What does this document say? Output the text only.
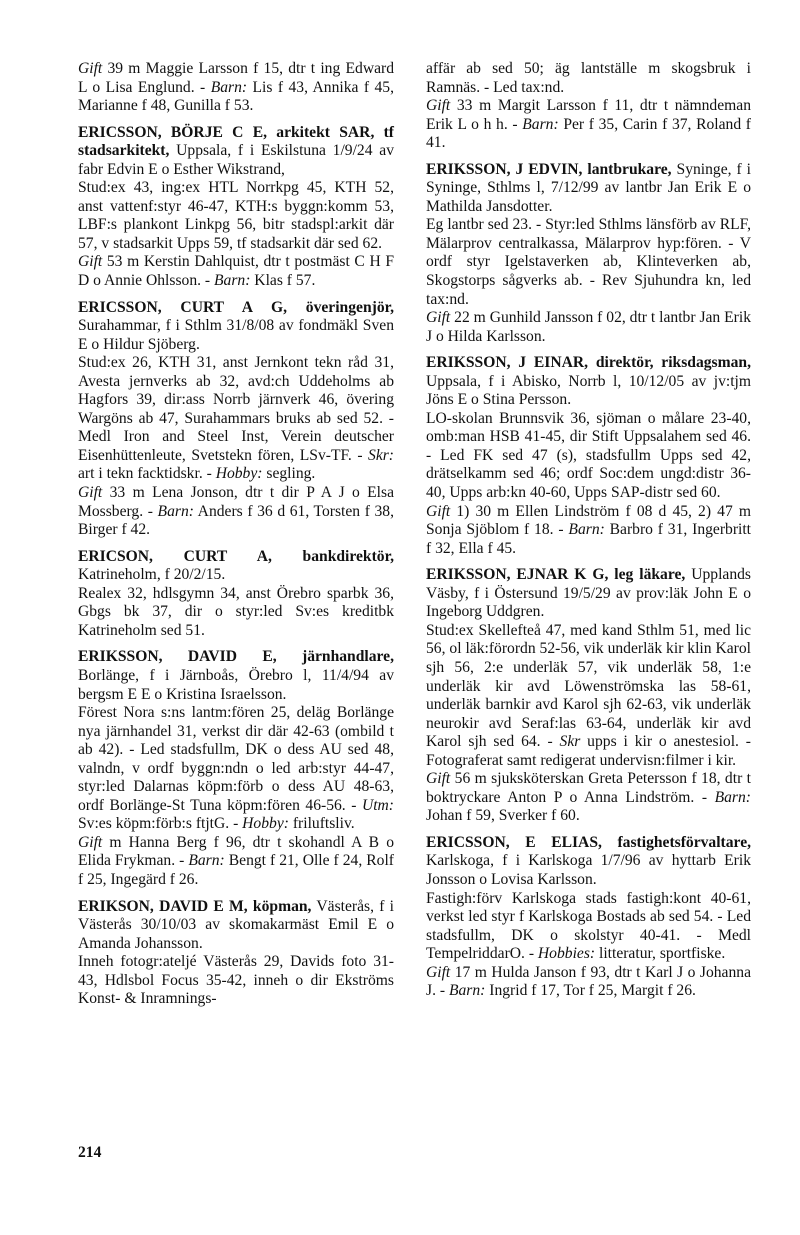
Gift 39 m Maggie Larsson f 15, dtr t ing Edward L o Lisa Englund. - Barn: Lis f 43, Annika f 45, Marianne f 48, Gunilla f 53.

ERICSSON, BÖRJE C E, arkitekt SAR, tf stadsarkitekt, Uppsala, f i Eskilstuna 1/9/24 av fabr Edvin E o Esther Wikstrand,

Stud:ex 43, ing:ex HTL Norrkpg 45, KTH 52, anst vattenf:styr 46-47, KTH:s byggn:komm 53, LBF:s plankont Linkpg 56, bitr stadspl:arkit där 57, v stadsarkit Upps 59, tf stadsarkit där sed 62.

Gift 53 m Kerstin Dahlquist, dtr t postmäst C H F D o Annie Ohlsson. - Barn: Klas f 57.

ERICSSON, CURT A G, överingenjör, Surahammar, f i Sthlm 31/8/08 av fondmäkl Sven E o Hildur Sjöberg.

Stud:ex 26, KTH 31, anst Jernkont tekn råd 31, Avesta jernverks ab 32, avd:ch Uddeholms ab Hagfors 39, dir:ass Norrb järnverk 46, övering Wargöns ab 47, Surahammars bruks ab sed 52. - Medl Iron and Steel Inst, Verein deutscher Eisenhüttenleute, Svetstekn fören, LSv-TF. - Skr: art i tekn facktidskr. - Hobby: segling.

Gift 33 m Lena Jonson, dtr t dir P A J o Elsa Mossberg. - Barn: Anders f 36 d 61, Torsten f 38, Birger f 42.

ERICSON, CURT A, bankdirektör, Katrineholm, f 20/2/15.

Realex 32, hdlsgymn 34, anst Örebro sparbk 36, Gbgs bk 37, dir o styr:led Sv:es kreditbk Katrineholm sed 51.

ERIKSSON, DAVID E, järnhandlare, Borlänge, f i Järnboås, Örebro l, 11/4/94 av bergsm E E o Kristina Israelsson.

Förest Nora s:ns lantm:fören 25, deläg Borlänge nya järnhandel 31, verkst dir där 42-63 (ombild t ab 42). - Led stadsfullm, DK o dess AU sed 48, valndn, v ordf byggn:ndn o led arb:styr 44-47, styr:led Dalarnas köpm:förb o dess AU 48-63, ordf Borlänge-St Tuna köpm:fören 46-56. - Utm: Sv:es köpm:förb:s ftjtG. - Hobby: friluftsliv.

Gift m Hanna Berg f 96, dtr t skohandl A B o Elida Frykman. - Barn: Bengt f 21, Olle f 24, Rolf f 25, Ingegärd f 26.

ERIKSON, DAVID E M, köpman, Västerås, f i Västerås 30/10/03 av skomakarmäst Emil E o Amanda Johansson.

Inneh fotogr:ateljé Västerås 29, Davids foto 31-43, Hdlsbol Focus 35-42, inneh o dir Ekströms Konst- & Inramnings-

affär ab sed 50; äg lantställe m skogsbruk i Ramnäs. - Led tax:nd.

Gift 33 m Margit Larsson f 11, dtr t nämndeman Erik L o h h. - Barn: Per f 35, Carin f 37, Roland f 41.

ERIKSSON, J EDVIN, lantbrukare, Syninge, f i Syninge, Sthlms l, 7/12/99 av lantbr Jan Erik E o Mathilda Jansdotter.

Eg lantbr sed 23. - Styr:led Sthlms länsförb av RLF, Mälarprov centralkassa, Mälarprov hyp:fören. - V ordf styr Igelstaverken ab, Klinteverken ab, Skogstorps sågverks ab. - Rev Sjuhundra kn, led tax:nd.

Gift 22 m Gunhild Jansson f 02, dtr t lantbr Jan Erik J o Hilda Karlsson.

ERIKSSON, J EINAR, direktör, riksdagsman, Uppsala, f i Abisko, Norrb l, 10/12/05 av jv:tjm Jöns E o Stina Persson.

LO-skolan Brunnsvik 36, sjöman o målare 23-40, omb:man HSB 41-45, dir Stift Uppsalahem sed 46. - Led FK sed 47 (s), stadsfullm Upps sed 42, drätselkamm sed 46; ordf Soc:dem ungd:distr 36-40, Upps arb:kn 40-60, Upps SAP-distr sed 60.

Gift 1) 30 m Ellen Lindström f 08 d 45, 2) 47 m Sonja Sjöblom f 18. - Barn: Barbro f 31, Ingerbritt f 32, Ella f 45.

ERIKSSON, EJNAR K G, leg läkare, Upplands Väsby, f i Östersund 19/5/29 av prov:läk John E o Ingeborg Uddgren.

Stud:ex Skellefteå 47, med kand Sthlm 51, med lic 56, ol läk:förordn 52-56, vik underläk kir klin Karol sjh 56, 2:e underläk 57, vik underläk 58, 1:e underläk kir avd Löwenströmska las 58-61, underläk barnkir avd Karol sjh 62-63, vik underläk neurokir avd Seraf:las 63-64, underläk kir avd Karol sjh sed 64. - Skr upps i kir o anestesiol. - Fotograferat samt redigerat undervisn:filmer i kir.

Gift 56 m sjuksköterskan Greta Petersson f 18, dtr t boktryckare Anton P o Anna Lindström. - Barn: Johan f 59, Sverker f 60.

ERICSSON, E ELIAS, fastighetsförvaltare, Karlskoga, f i Karlskoga 1/7/96 av hyttarb Erik Jonsson o Lovisa Karlsson.

Fastigh:förv Karlskoga stads fastigh:kont 40-61, verkst led styr f Karlskoga Bostads ab sed 54. - Led stadsfullm, DK o skolstyr 40-41. - Medl TempelriddarO. - Hobbies: litteratur, sportfiske.

Gift 17 m Hulda Janson f 93, dtr t Karl J o Johanna J. - Barn: Ingrid f 17, Tor f 25, Margit f 26.

214
